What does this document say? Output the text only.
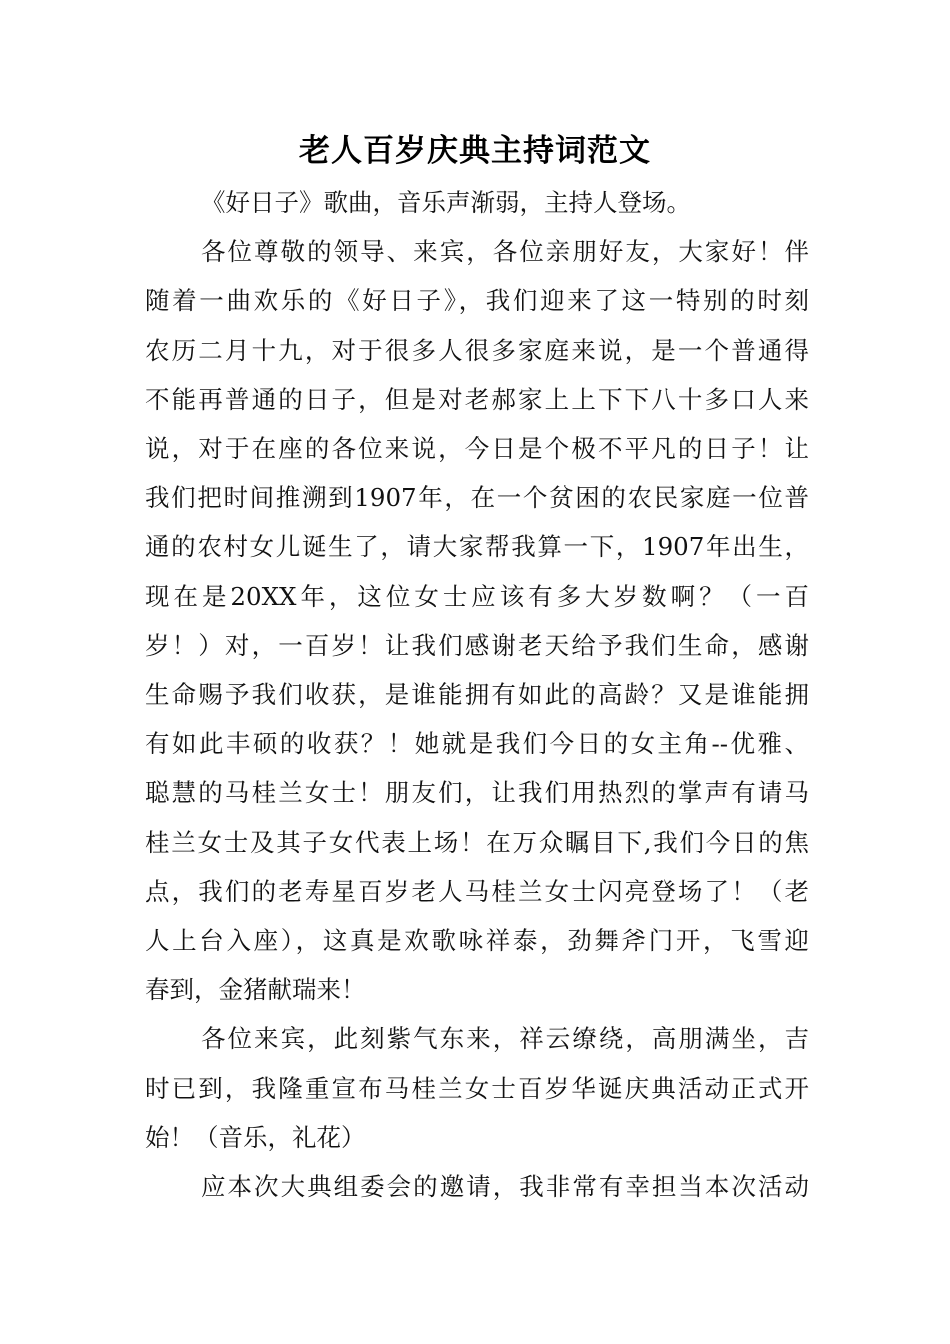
老人百岁庆典主持词范文
《好日子》歌曲，音乐声渐弱，主持人登场。
各位尊敬的领导、来宾，各位亲朋好友，大家好！伴
随着一曲欢乐的《好日子》，我们迎来了这一特别的时刻
农历二月十九，对于很多人很多家庭来说，是一个普通得
不能再普通的日子，但是对老郝家上上下下八十多口人来
说，对于在座的各位来说，今日是个极不平凡的日子！让
我们把时间推溯到1907年，在一个贫困的农民家庭一位普
通的农村女儿诞生了，请大家帮我算一下，1907年出生，
现在是20XX年，这位女士应该有多大岁数啊？（一百
岁！）对，一百岁！让我们感谢老天给予我们生命，感谢
生命赐予我们收获，是谁能拥有如此的高龄？又是谁能拥
有如此丰硕的收获？！她就是我们今日的女主角--优雅、
聪慧的马桂兰女士！朋友们，让我们用热烈的掌声有请马
桂兰女士及其子女代表上场！在万众瞩目下,我们今日的焦
点，我们的老寿星百岁老人马桂兰女士闪亮登场了！（老
人上台入座），这真是欢歌咏祥泰，劲舞斧门开，飞雪迎
春到，金猪献瑞来！
各位来宾，此刻紫气东来，祥云缭绕，高朋满坐，吉
时已到，我隆重宣布马桂兰女士百岁华诞庆典活动正式开
始！（音乐，礼花）
应本次大典组委会的邀请，我非常有幸担当本次活动
